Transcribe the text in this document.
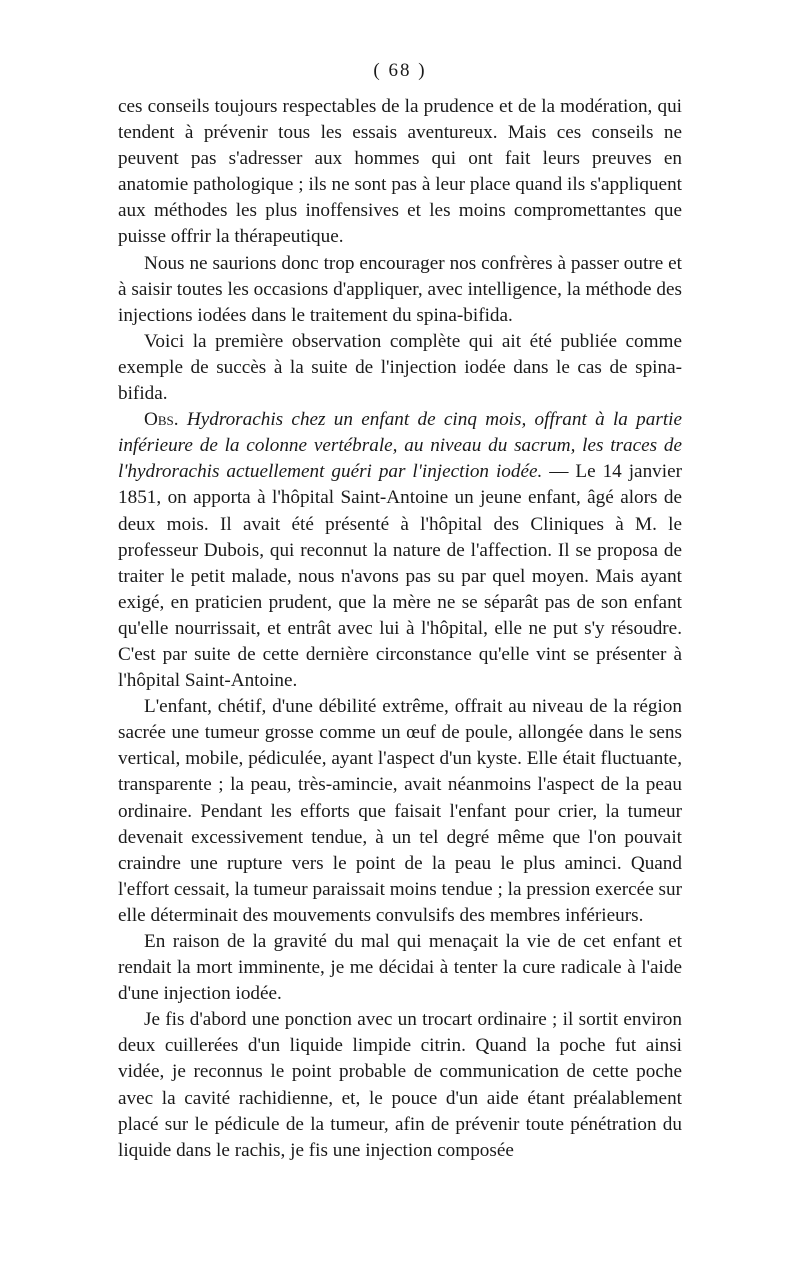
( 68 )

ces conseils toujours respectables de la prudence et de la modération, qui tendent à prévenir tous les essais aventureux. Mais ces conseils ne peuvent pas s'adresser aux hommes qui ont fait leurs preuves en anatomie pathologique ; ils ne sont pas à leur place quand ils s'appliquent aux méthodes les plus inoffensives et les moins compromettantes que puisse offrir la thérapeutique.

Nous ne saurions donc trop encourager nos confrères à passer outre et à saisir toutes les occasions d'appliquer, avec intelligence, la méthode des injections iodées dans le traitement du spina-bifida.

Voici la première observation complète qui ait été publiée comme exemple de succès à la suite de l'injection iodée dans le cas de spina-bifida.

Obs. Hydrorachis chez un enfant de cinq mois, offrant à la partie inférieure de la colonne vertébrale, au niveau du sacrum, les traces de l'hydrorachis actuellement guéri par l'injection iodée. — Le 14 janvier 1851, on apporta à l'hôpital Saint-Antoine un jeune enfant, âgé alors de deux mois. Il avait été présenté à l'hôpital des Cliniques à M. le professeur Dubois, qui reconnut la nature de l'affection. Il se proposa de traiter le petit malade, nous n'avons pas su par quel moyen. Mais ayant exigé, en praticien prudent, que la mère ne se séparât pas de son enfant qu'elle nourrissait, et entrât avec lui à l'hôpital, elle ne put s'y résoudre. C'est par suite de cette dernière circonstance qu'elle vint se présenter à l'hôpital Saint-Antoine.

L'enfant, chétif, d'une débilité extrême, offrait au niveau de la région sacrée une tumeur grosse comme un œuf de poule, allongée dans le sens vertical, mobile, pédiculée, ayant l'aspect d'un kyste. Elle était fluctuante, transparente ; la peau, très-amincie, avait néanmoins l'aspect de la peau ordinaire. Pendant les efforts que faisait l'enfant pour crier, la tumeur devenait excessivement tendue, à un tel degré même que l'on pouvait craindre une rupture vers le point de la peau le plus aminci. Quand l'effort cessait, la tumeur paraissait moins tendue ; la pression exercée sur elle déterminait des mouvements convulsifs des membres inférieurs.

En raison de la gravité du mal qui menaçait la vie de cet enfant et rendait la mort imminente, je me décidai à tenter la cure radicale à l'aide d'une injection iodée.

Je fis d'abord une ponction avec un trocart ordinaire ; il sortit environ deux cuillerées d'un liquide limpide citrin. Quand la poche fut ainsi vidée, je reconnus le point probable de communication de cette poche avec la cavité rachidienne, et, le pouce d'un aide étant préalablement placé sur le pédicule de la tumeur, afin de prévenir toute pénétration du liquide dans le rachis, je fis une injection composée
